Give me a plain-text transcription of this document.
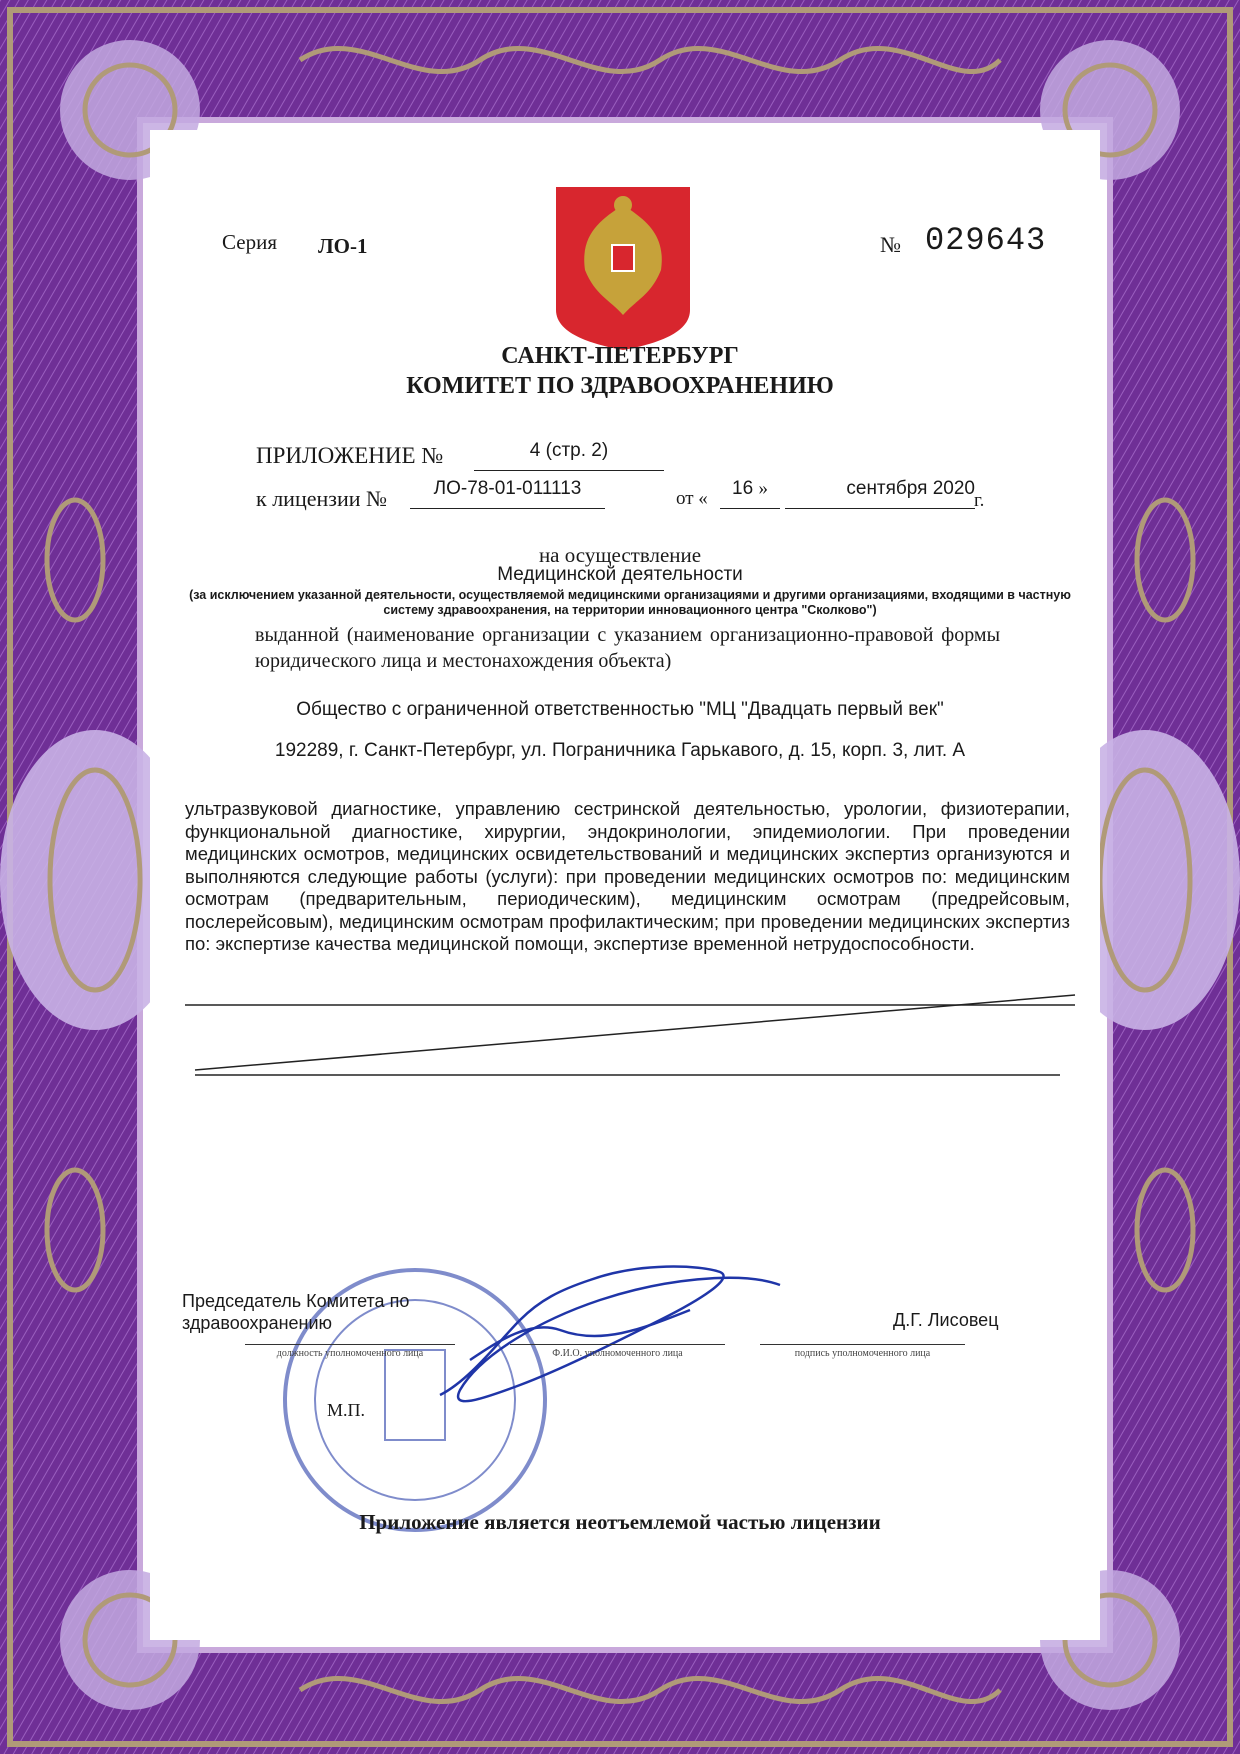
Серия ЛО-1	№ 029643
САНКТ-ПЕТЕРБУРГ
КОМИТЕТ ПО ЗДРАВООХРАНЕНИЮ
ПРИЛОЖЕНИЕ №	4 (стр. 2)
к лицензии №	ЛО-78-01-011113	от «	16 »	сентября 2020
г.
на осуществление
Медицинской деятельности
(за исключением указанной деятельности, осуществляемой медицинскими организациями и другими организациями, входящими в частную систему здравоохранения, на территории инновационного центра "Сколково")
выданной (наименование организации с указанием организационно-правовой формы юридического лица и местонахождения объекта)
Общество с ограниченной ответственностью "МЦ "Двадцать первый век"
192289, г. Санкт-Петербург, ул. Пограничника Гарькавого, д. 15, корп. 3, лит. А
ультразвуковой диагностике, управлению сестринской деятельностью, урологии, физиотерапии, функциональной диагностике, хирургии, эндокринологии, эпидемиологии. При проведении медицинских осмотров, медицинских освидетельствований и медицинских экспертиз организуются и выполняются следующие работы (услуги): при проведении медицинских осмотров по: медицинским осмотрам (предварительным, периодическим), медицинским осмотрам (предрейсовым, послерейсовым), медицинским осмотрам профилактическим; при проведении медицинских экспертиз по: экспертизе качества медицинской помощи, экспертизе временной нетрудоспособности.
Председатель Комитета по здравоохранению	Д.Г. Лисовец
должность уполномоченного лица	Ф.И.О. уполномоченного лица	подпись уполномоченного лица
М.П.
Приложение является неотъемлемой частью лицензии
